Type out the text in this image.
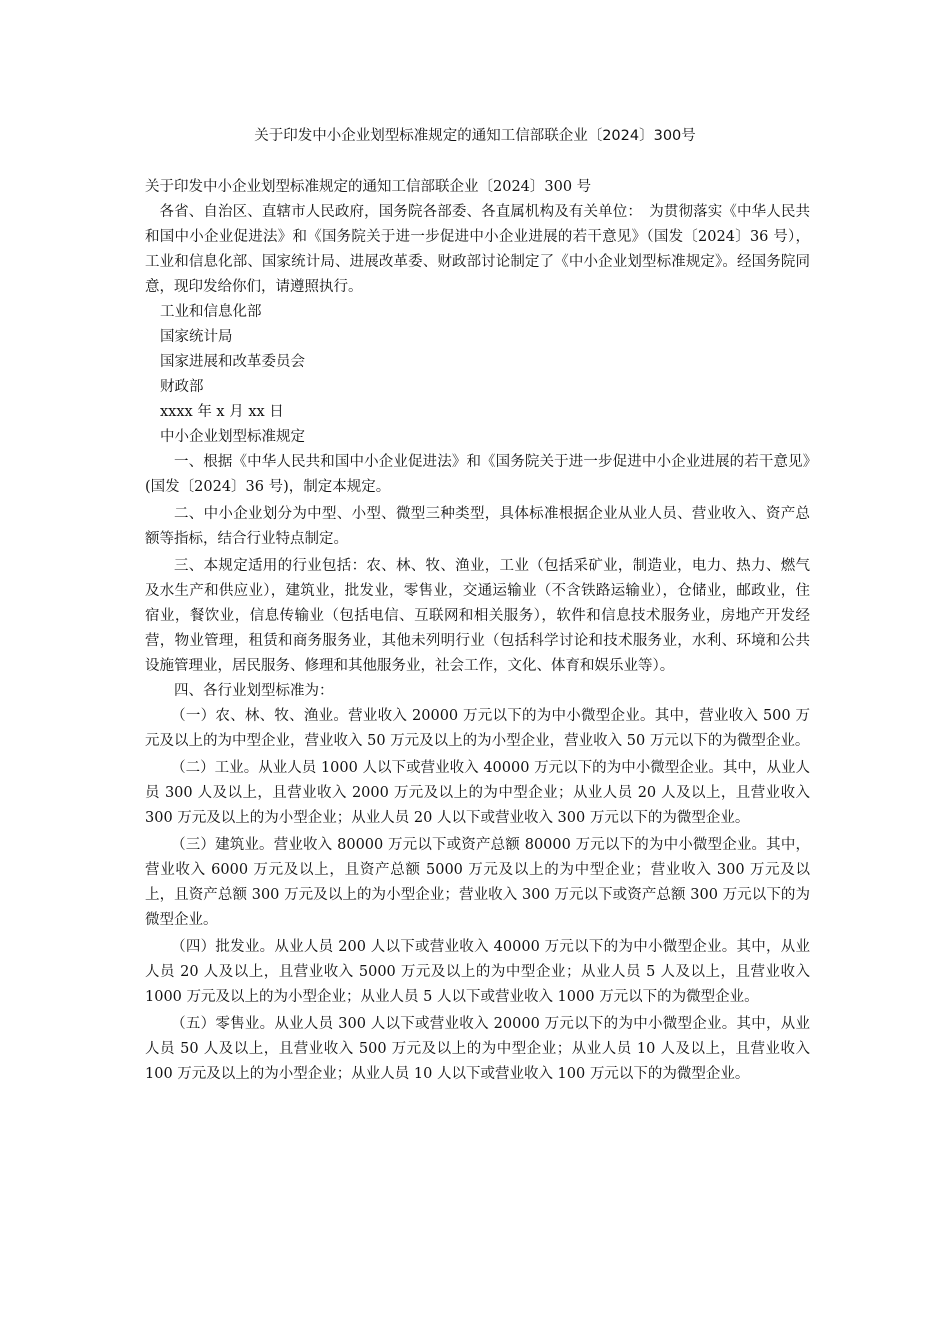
关于印发中小企业划型标准规定的通知工信部联企业〔2024〕300号

关于印发中小企业划型标准规定的通知工信部联企业〔2024〕300 号

各省、自治区、直辖市人民政府，国务院各部委、各直属机构及有关单位：　为贯彻落实《中华人民共和国中小企业促进法》和《国务院关于进一步促进中小企业进展的若干意见》（国发〔2024〕36 号），工业和信息化部、国家统计局、进展改革委、财政部讨论制定了《中小企业划型标准规定》。经国务院同意，现印发给你们，请遵照执行。

工业和信息化部

国家统计局

国家进展和改革委员会

财政部

xxxx 年 x 月 xx 日

中小企业划型标准规定

一、根据《中华人民共和国中小企业促进法》和《国务院关于进一步促进中小企业进展的若干意见》(国发〔2024〕36 号)，制定本规定。

二、中小企业划分为中型、小型、微型三种类型，具体标准根据企业从业人员、营业收入、资产总额等指标，结合行业特点制定。

三、本规定适用的行业包括：农、林、牧、渔业，工业（包括采矿业，制造业，电力、热力、燃气及水生产和供应业），建筑业，批发业，零售业，交通运输业（不含铁路运输业），仓储业，邮政业，住宿业，餐饮业，信息传输业（包括电信、互联网和相关服务），软件和信息技术服务业，房地产开发经营，物业管理，租赁和商务服务业，其他未列明行业（包括科学讨论和技术服务业，水利、环境和公共设施管理业，居民服务、修理和其他服务业，社会工作，文化、体育和娱乐业等）。

四、各行业划型标准为：

（一）农、林、牧、渔业。营业收入 20000 万元以下的为中小微型企业。其中，营业收入 500 万元及以上的为中型企业，营业收入 50 万元及以上的为小型企业，营业收入 50 万元以下的为微型企业。

（二）工业。从业人员 1000 人以下或营业收入 40000 万元以下的为中小微型企业。其中，从业人员 300 人及以上，且营业收入 2000 万元及以上的为中型企业；从业人员 20 人及以上，且营业收入 300 万元及以上的为小型企业；从业人员 20 人以下或营业收入 300 万元以下的为微型企业。

（三）建筑业。营业收入 80000 万元以下或资产总额 80000 万元以下的为中小微型企业。其中，营业收入 6000 万元及以上，且资产总额 5000 万元及以上的为中型企业；营业收入 300 万元及以上，且资产总额 300 万元及以上的为小型企业；营业收入 300 万元以下或资产总额 300 万元以下的为微型企业。

（四）批发业。从业人员 200 人以下或营业收入 40000 万元以下的为中小微型企业。其中，从业人员 20 人及以上，且营业收入 5000 万元及以上的为中型企业；从业人员 5 人及以上，且营业收入 1000 万元及以上的为小型企业；从业人员 5 人以下或营业收入 1000 万元以下的为微型企业。

（五）零售业。从业人员 300 人以下或营业收入 20000 万元以下的为中小微型企业。其中，从业人员 50 人及以上，且营业收入 500 万元及以上的为中型企业；从业人员 10 人及以上，且营业收入 100 万元及以上的为小型企业；从业人员 10 人以下或营业收入 100 万元以下的为微型企业。
